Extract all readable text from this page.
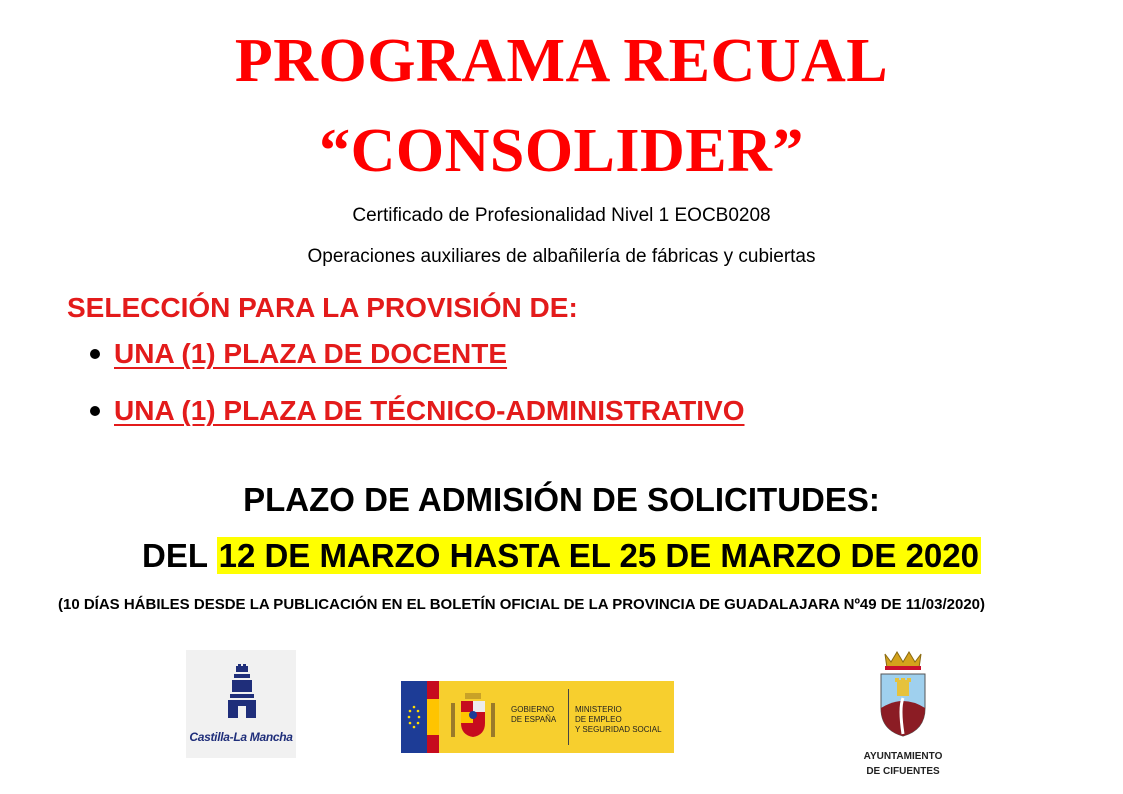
PROGRAMA RECUAL
“CONSOLIDER”
Certificado de Profesionalidad Nivel 1 EOCB0208
Operaciones auxiliares de albañilería de fábricas y cubiertas
SELECCIÓN PARA LA PROVISIÓN DE:
UNA (1) PLAZA DE DOCENTE
UNA (1) PLAZA DE TÉCNICO-ADMINISTRATIVO
PLAZO DE ADMISIÓN DE SOLICITUDES:
DEL 12 DE MARZO HASTA EL 25 DE MARZO DE 2020
(10 DÍAS HÁBILES DESDE LA PUBLICACIÓN EN EL BOLETÍN OFICIAL DE LA PROVINCIA DE GUADALAJARA Nº49 DE 11/03/2020)
Castilla-La Mancha
GOBIERNO
DE ESPAÑA
MINISTERIO
DE EMPLEO
Y SEGURIDAD SOCIAL
AYUNTAMIENTO
DE CIFUENTES
